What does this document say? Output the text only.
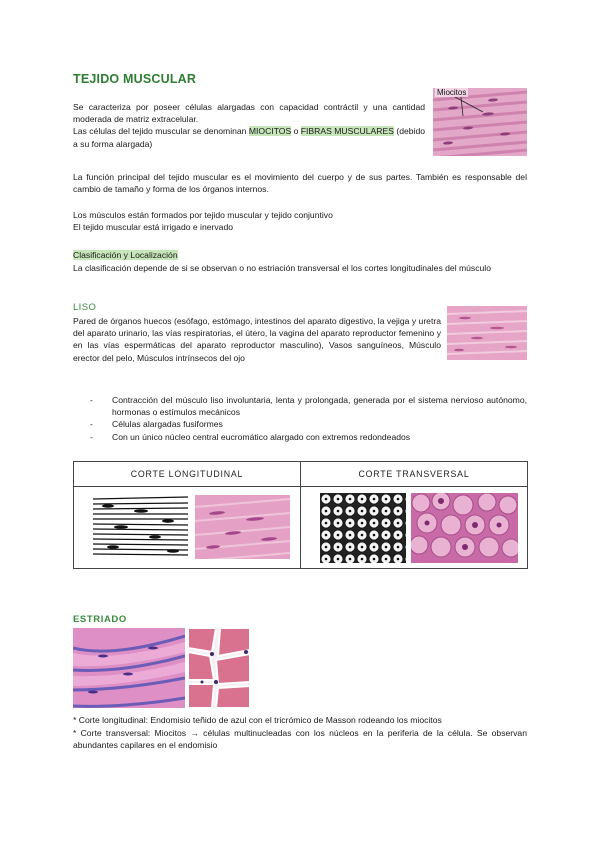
TEJIDO MUSCULAR
Se caracteriza por poseer células alargadas con capacidad contráctil y una cantidad moderada de matriz extracelular.
Las células del tejido muscular se denominan MIOCITOS o FIBRAS MUSCULARES (debido a su forma alargada)
Miocitos
La función principal del tejido muscular es el movimiento del cuerpo y de sus partes. También es responsable del cambio de tamaño y forma de los órganos internos.
Los músculos están formados por tejido muscular y tejido conjuntivo
El tejido muscular está irrigado e inervado
Clasificación y Localización
La clasificación depende de si se observan o no estriación transversal el los cortes longitudinales del músculo
LISO
Pared de órganos huecos (esófago, estómago, intestinos del aparato digestivo, la vejiga y uretra del aparato urinario, las vías respiratorias, el útero, la vagina del aparato reproductor femenino y en las vías espermáticas del aparato reproductor masculino), Vasos sanguíneos, Músculo erector del pelo, Músculos intrínsecos del ojo
-	Contracción del músculo liso involuntaria, lenta y prolongada, generada por el sistema nervioso autónomo, hormonas o estímulos mecánicos
-	Células alargadas fusiformes
-	Con un único núcleo central eucromático alargado con extremos redondeados
CORTE LONGITUDINAL	CORTE TRANSVERSAL

ESTRIADO
* Corte longitudinal: Endomisio teñido de azul con el tricrómico de Masson rodeando los miocitos
* Corte transversal: Miocitos → células multinucleadas con los núcleos en la periferia de la célula. Se observan abundantes capilares en el endomisio
